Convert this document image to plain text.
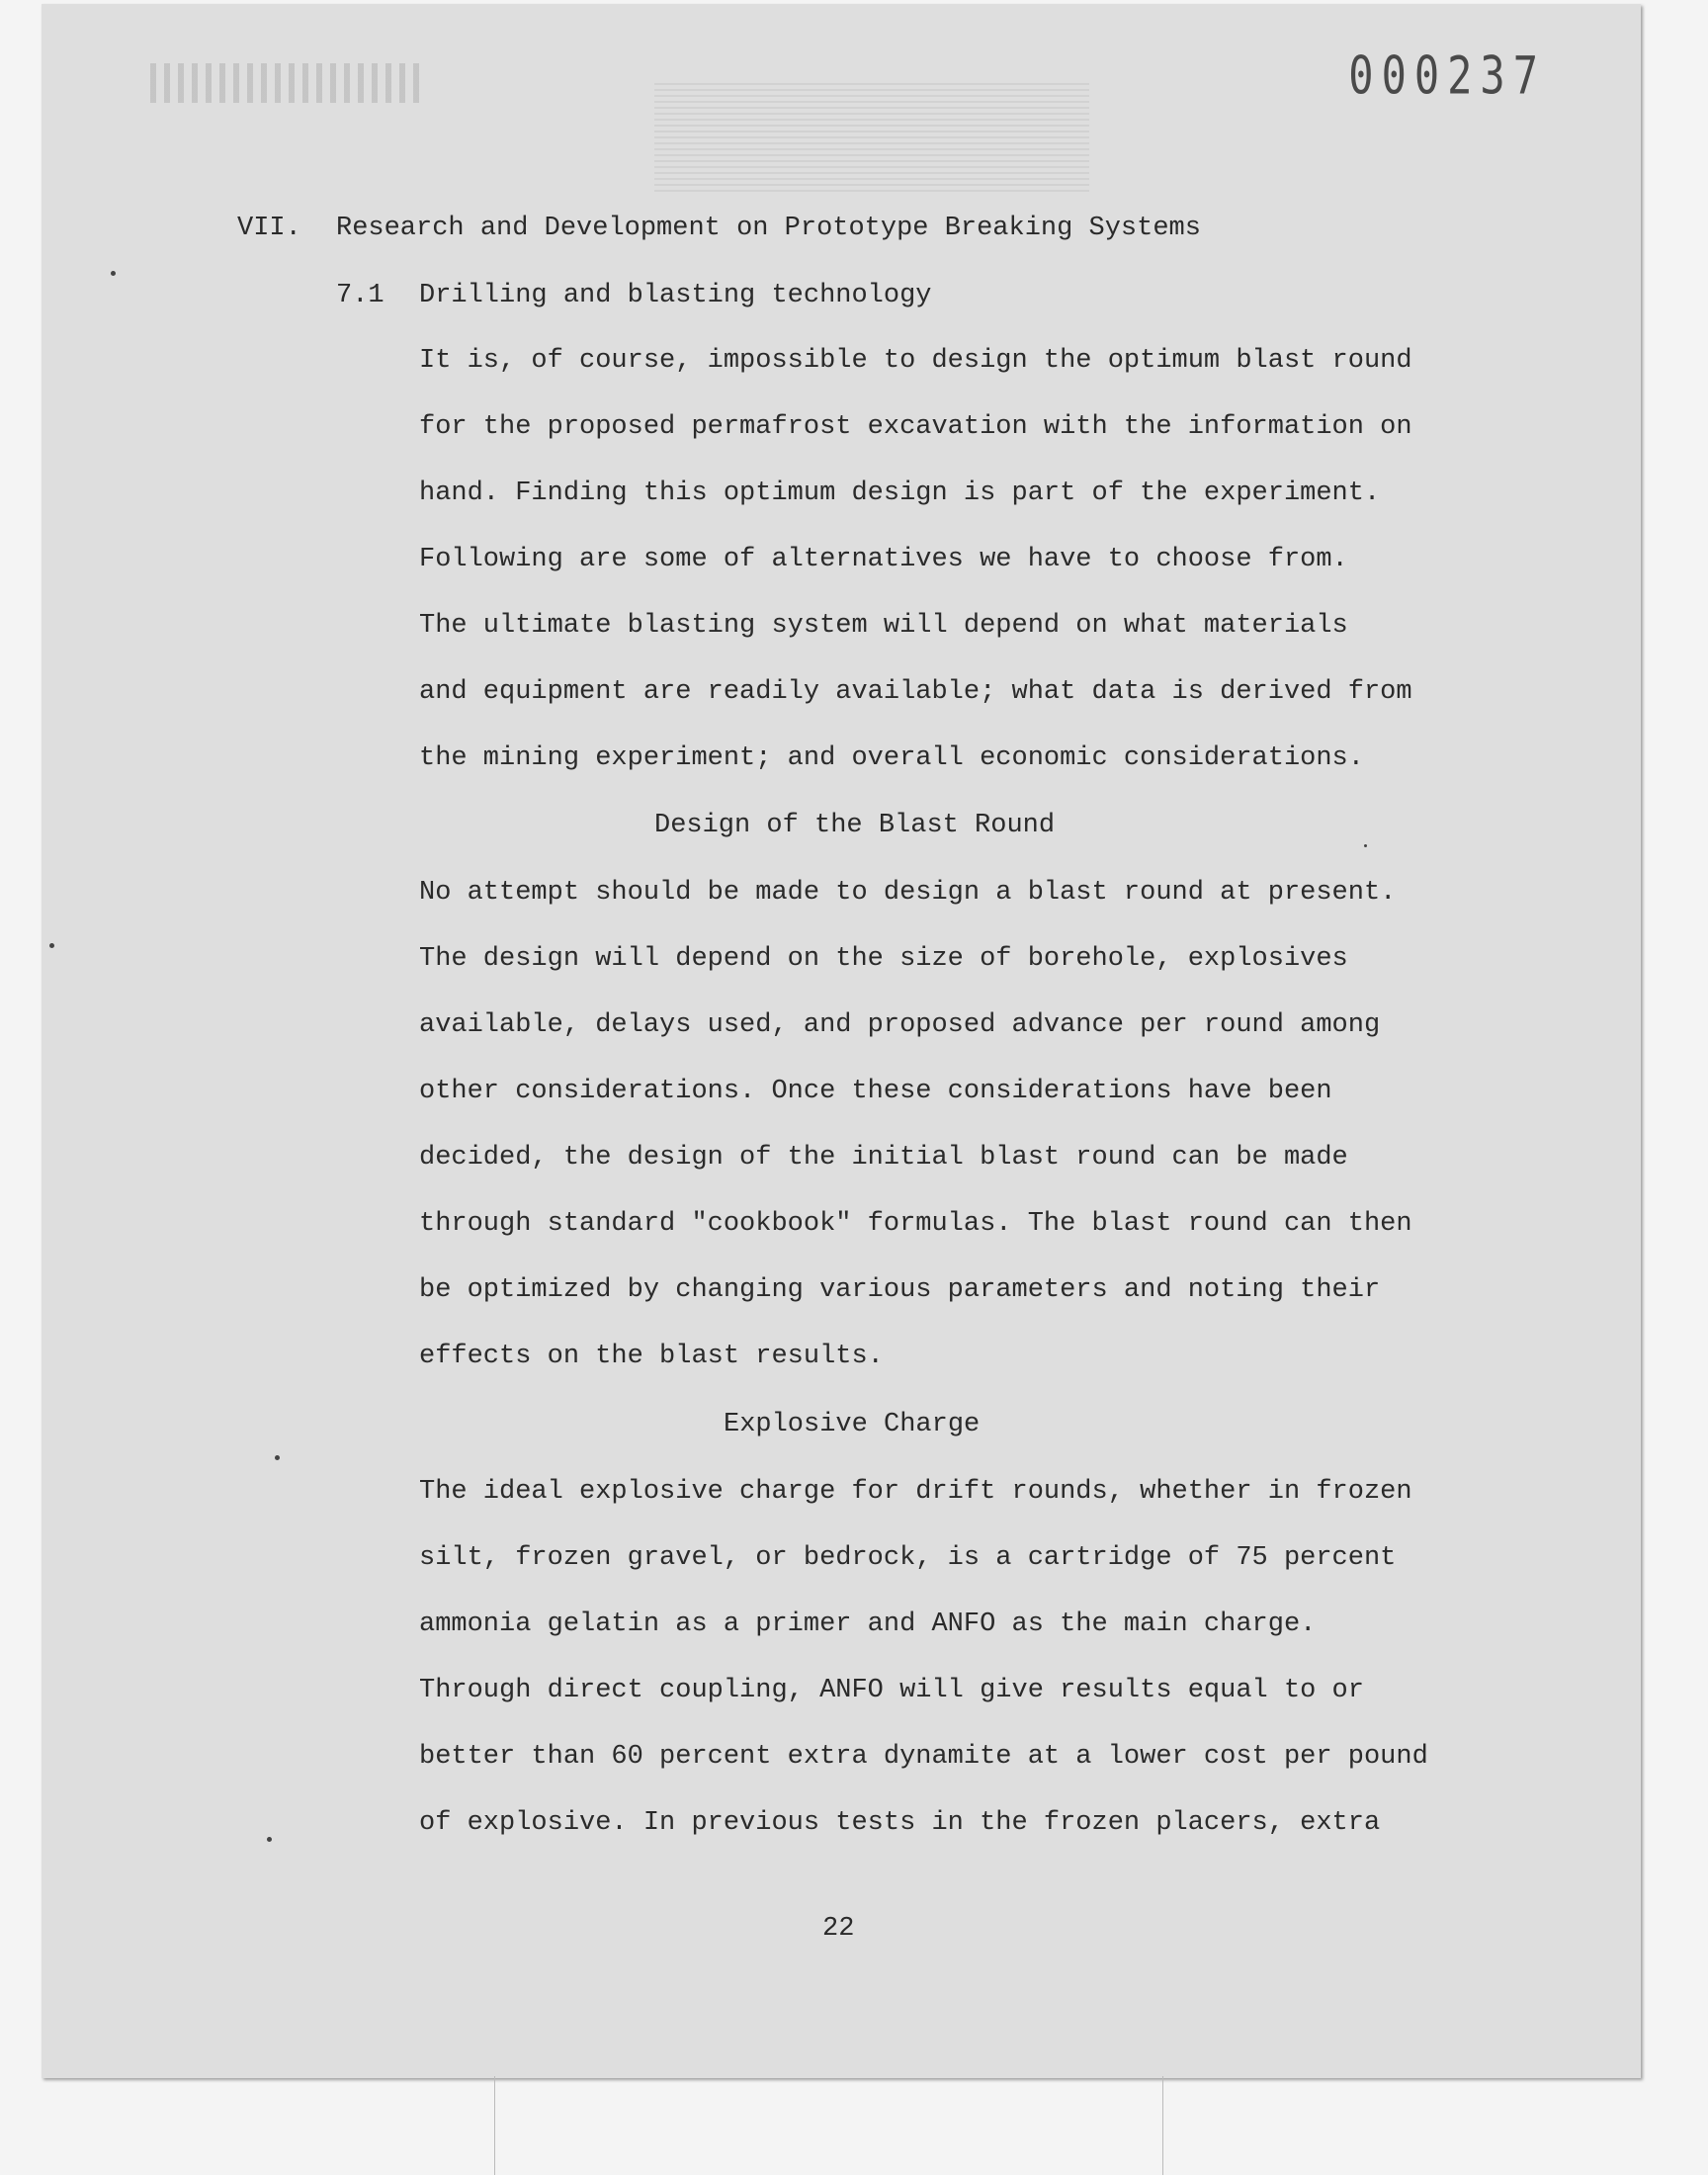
000237
VII. Research and Development on Prototype Breaking Systems
7.1 Drilling and blasting technology
It is, of course, impossible to design the optimum blast round
for the proposed permafrost excavation with the information on
hand. Finding this optimum design is part of the experiment.
Following are some of alternatives we have to choose from.
The ultimate blasting system will depend on what materials
and equipment are readily available; what data is derived from
the mining experiment; and overall economic considerations.
Design of the Blast Round
No attempt should be made to design a blast round at present.
The design will depend on the size of borehole, explosives
available, delays used, and proposed advance per round among
other considerations. Once these considerations have been
decided, the design of the initial blast round can be made
through standard "cookbook" formulas. The blast round can then
be optimized by changing various parameters and noting their
effects on the blast results.
Explosive Charge
The ideal explosive charge for drift rounds, whether in frozen
silt, frozen gravel, or bedrock, is a cartridge of 75 percent
ammonia gelatin as a primer and ANFO as the main charge.
Through direct coupling, ANFO will give results equal to or
better than 60 percent extra dynamite at a lower cost per pound
of explosive. In previous tests in the frozen placers, extra
22
